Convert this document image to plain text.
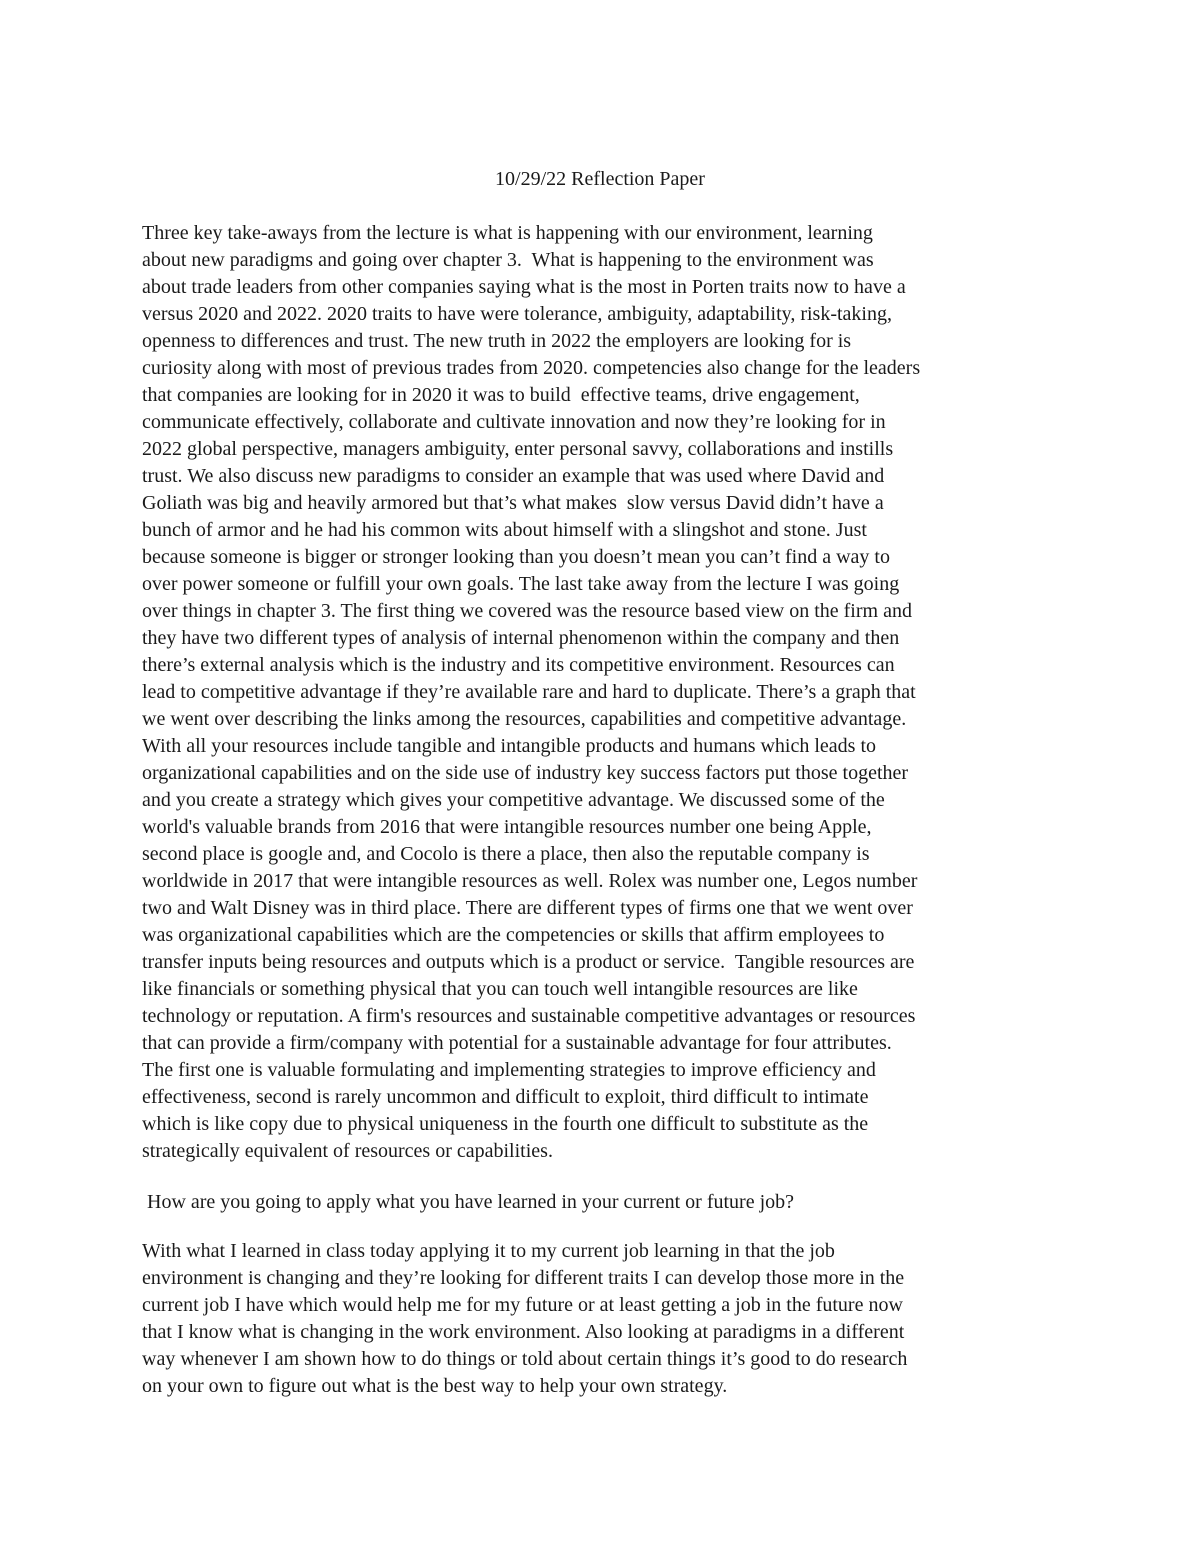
10/29/22 Reflection Paper
Three key take-aways from the lecture is what is happening with our environment, learning
about new paradigms and going over chapter 3.  What is happening to the environment was
about trade leaders from other companies saying what is the most in Porten traits now to have a
versus 2020 and 2022. 2020 traits to have were tolerance, ambiguity, adaptability, risk-taking,
openness to differences and trust. The new truth in 2022 the employers are looking for is
curiosity along with most of previous trades from 2020. competencies also change for the leaders
that companies are looking for in 2020 it was to build  effective teams, drive engagement,
communicate effectively, collaborate and cultivate innovation and now they’re looking for in
2022 global perspective, managers ambiguity, enter personal savvy, collaborations and instills
trust. We also discuss new paradigms to consider an example that was used where David and
Goliath was big and heavily armored but that’s what makes  slow versus David didn’t have a
bunch of armor and he had his common wits about himself with a slingshot and stone. Just
because someone is bigger or stronger looking than you doesn’t mean you can’t find a way to
over power someone or fulfill your own goals. The last take away from the lecture I was going
over things in chapter 3. The first thing we covered was the resource based view on the firm and
they have two different types of analysis of internal phenomenon within the company and then
there’s external analysis which is the industry and its competitive environment. Resources can
lead to competitive advantage if they’re available rare and hard to duplicate. There’s a graph that
we went over describing the links among the resources, capabilities and competitive advantage.
With all your resources include tangible and intangible products and humans which leads to
organizational capabilities and on the side use of industry key success factors put those together
and you create a strategy which gives your competitive advantage. We discussed some of the
world's valuable brands from 2016 that were intangible resources number one being Apple,
second place is google and, and Cocolo is there a place, then also the reputable company is
worldwide in 2017 that were intangible resources as well. Rolex was number one, Legos number
two and Walt Disney was in third place. There are different types of firms one that we went over
was organizational capabilities which are the competencies or skills that affirm employees to
transfer inputs being resources and outputs which is a product or service.  Tangible resources are
like financials or something physical that you can touch well intangible resources are like
technology or reputation. A firm's resources and sustainable competitive advantages or resources
that can provide a firm/company with potential for a sustainable advantage for four attributes.
The first one is valuable formulating and implementing strategies to improve efficiency and
effectiveness, second is rarely uncommon and difficult to exploit, third difficult to intimate
which is like copy due to physical uniqueness in the fourth one difficult to substitute as the
strategically equivalent of resources or capabilities.
How are you going to apply what you have learned in your current or future job?
With what I learned in class today applying it to my current job learning in that the job
environment is changing and they’re looking for different traits I can develop those more in the
current job I have which would help me for my future or at least getting a job in the future now
that I know what is changing in the work environment. Also looking at paradigms in a different
way whenever I am shown how to do things or told about certain things it’s good to do research
on your own to figure out what is the best way to help your own strategy.
